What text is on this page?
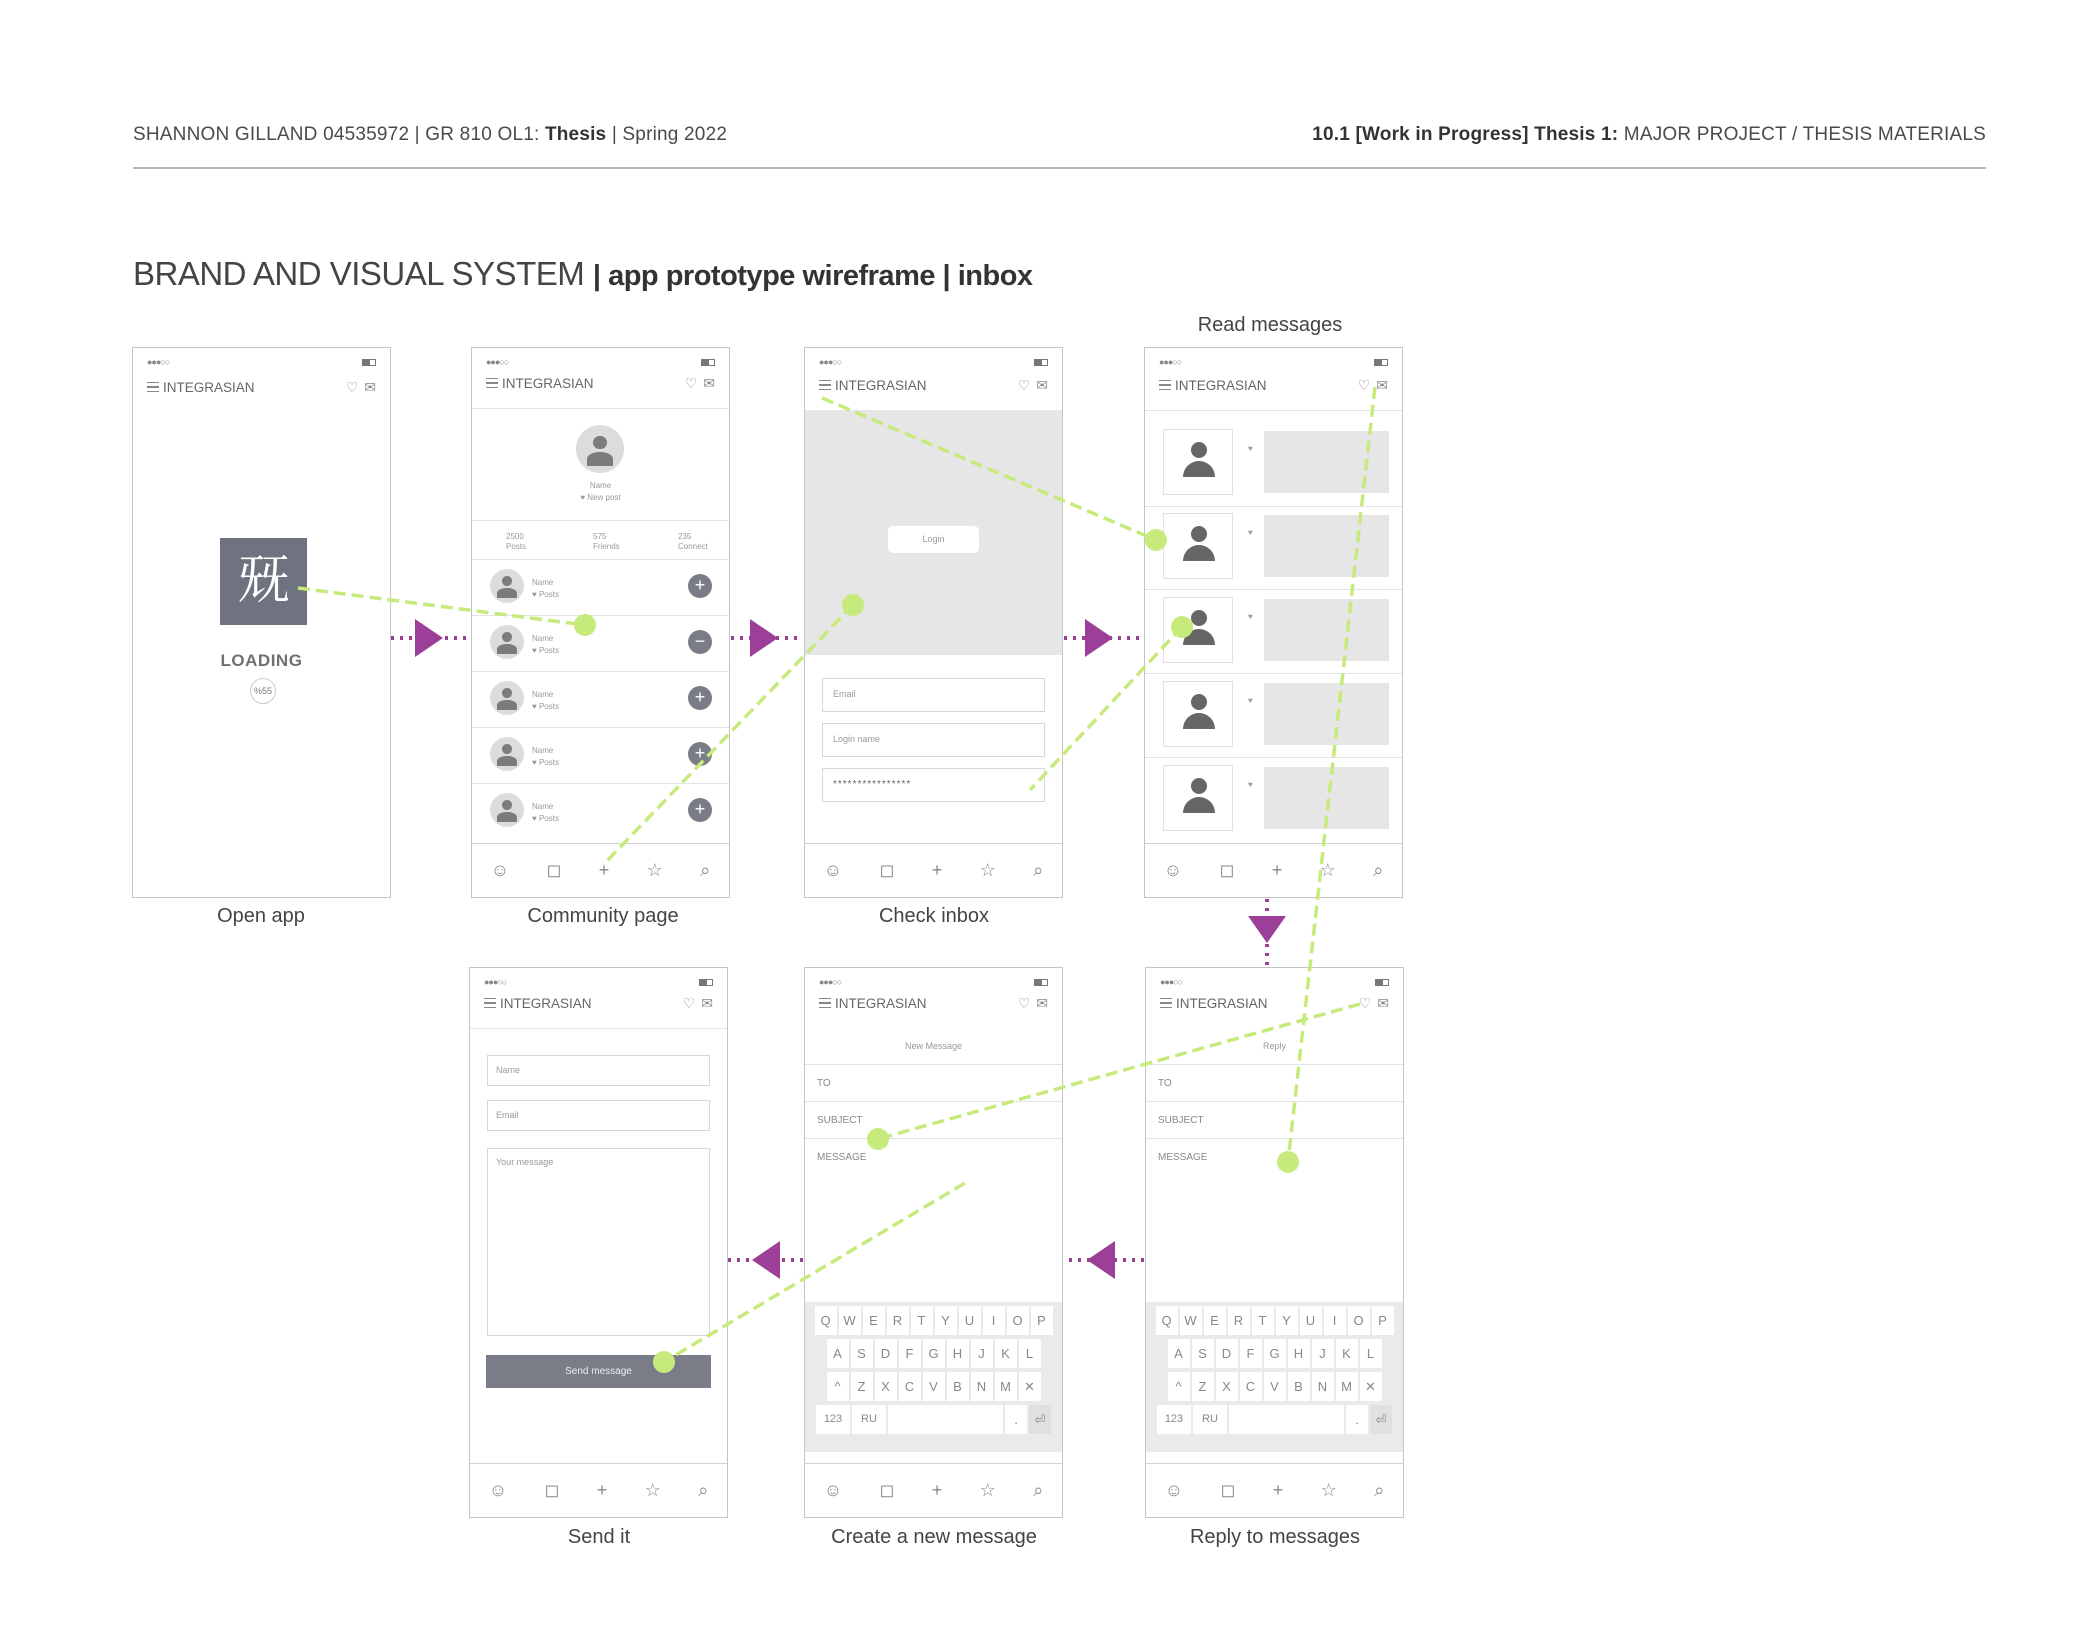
SHANNON GILLAND 04535972 | GR 810 OL1: Thesis | Spring 2022	10.1 [Work in Progress] Thesis 1: MAJOR PROJECT / THESIS MATERIALS
BRAND AND VISUAL SYSTEM | app prototype wireframe | inbox
Read messages
●●●○○
INTEGRASIAN	♡ ✉
兓
LOADING
%55
Open app
●●●○○
INTEGRASIAN	♡ ✉
Name
♥ New post
2500
Posts
575
Friends
235
Connect
Name
♥ Posts	+
Name
♥ Posts	−
Name
♥ Posts	+
Name
♥ Posts	+
Name
♥ Posts	+
☺ ◻ + ☆ ⌕
Community page
●●●○○
INTEGRASIAN	♡ ✉
Login
Email
Login name
****************
☺ ◻ + ☆ ⌕
Check inbox
●●●○○
INTEGRASIAN	♡ ✉
♥
♥
♥
♥
♥
☺ ◻ + ☆ ⌕
●●●○○
INTEGRASIAN	♡ ✉
Name
Email
Your message
Send message
☺ ◻ + ☆ ⌕
Send it
●●●○○
INTEGRASIAN	♡ ✉
New Message
TO
SUBJECT
MESSAGE
Q W	E	R	T	Y	U	I	O	P
A	S	D	F	G	H	J	K	L
^	Z	X	C	V	B	N	M	✕
123	RU	.	⏎
☺ ◻ + ☆ ⌕
Create a new message
●●●○○
INTEGRASIAN	♡ ✉
Reply
TO
SUBJECT
MESSAGE
Q W	E	R	T	Y	U	I	O	P
A	S	D	F	G	H	J	K	L
^	Z	X	C	V	B	N	M	✕
123	RU	.	⏎
☺ ◻ + ☆ ⌕
Reply to messages
